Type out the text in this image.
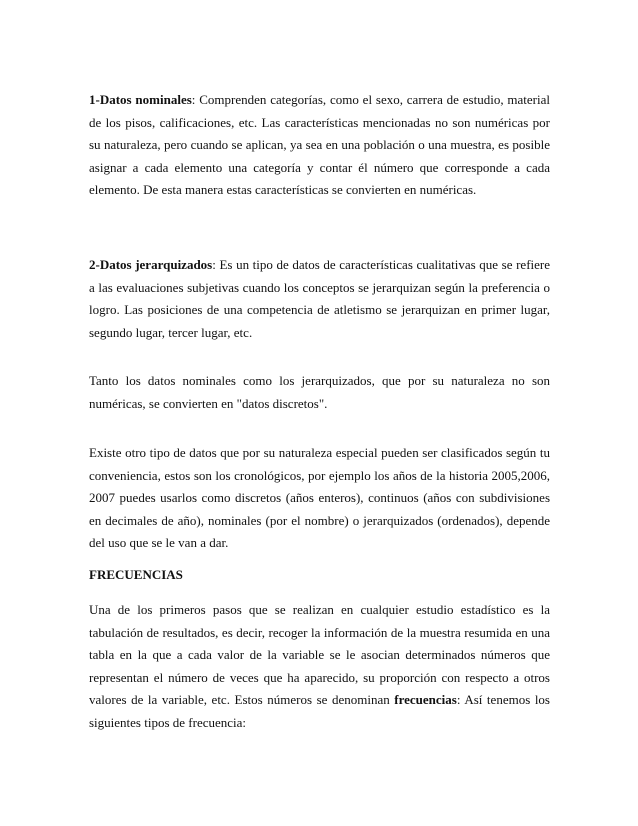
1-Datos nominales: Comprenden categorías, como el sexo, carrera de estudio, material de los pisos, calificaciones, etc. Las características mencionadas no son numéricas por su naturaleza, pero cuando se aplican, ya sea en una población o una muestra, es posible asignar a cada elemento una categoría y contar él número que corresponde a cada elemento. De esta manera estas características se convierten en numéricas.

2-Datos jerarquizados: Es un tipo de datos de características cualitativas que se refiere a las evaluaciones subjetivas cuando los conceptos se jerarquizan según la preferencia o logro. Las posiciones de una competencia de atletismo se jerarquizan en primer lugar, segundo lugar, tercer lugar, etc.

Tanto los datos nominales como los jerarquizados, que por su naturaleza no son numéricas, se convierten en "datos discretos".

Existe otro tipo de datos que por su naturaleza especial pueden ser clasificados según tu conveniencia, estos son los cronológicos, por ejemplo los años de la historia 2005,2006, 2007 puedes usarlos como discretos (años enteros), continuos (años con subdivisiones en decimales de año), nominales (por el nombre) o jerarquizados (ordenados), depende del uso que se le van a dar.

FRECUENCIAS

Una de los primeros pasos que se realizan en cualquier estudio estadístico es la tabulación de resultados, es decir, recoger la información de la muestra resumida en una tabla en la que a cada valor de la variable se le asocian determinados números que representan el número de veces que ha aparecido, su proporción con respecto a otros valores de la variable, etc. Estos números se denominan frecuencias: Así tenemos los siguientes tipos de frecuencia:
